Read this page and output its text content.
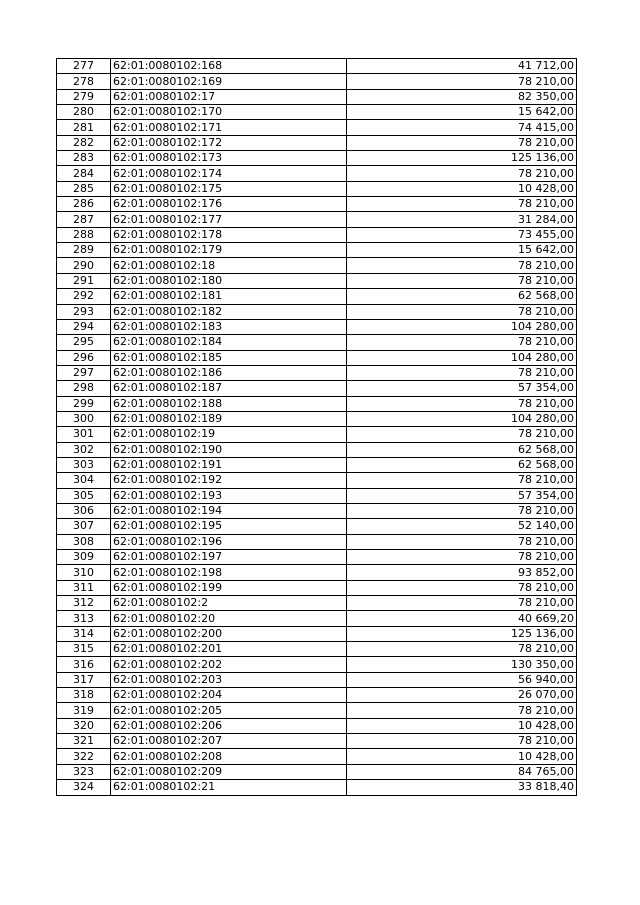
277	62:01:0080102:168	41 712,00
278	62:01:0080102:169	78 210,00
279	62:01:0080102:17	82 350,00
280	62:01:0080102:170	15 642,00
281	62:01:0080102:171	74 415,00
282	62:01:0080102:172	78 210,00
283	62:01:0080102:173	125 136,00
284	62:01:0080102:174	78 210,00
285	62:01:0080102:175	10 428,00
286	62:01:0080102:176	78 210,00
287	62:01:0080102:177	31 284,00
288	62:01:0080102:178	73 455,00
289	62:01:0080102:179	15 642,00
290	62:01:0080102:18	78 210,00
291	62:01:0080102:180	78 210,00
292	62:01:0080102:181	62 568,00
293	62:01:0080102:182	78 210,00
294	62:01:0080102:183	104 280,00
295	62:01:0080102:184	78 210,00
296	62:01:0080102:185	104 280,00
297	62:01:0080102:186	78 210,00
298	62:01:0080102:187	57 354,00
299	62:01:0080102:188	78 210,00
300	62:01:0080102:189	104 280,00
301	62:01:0080102:19	78 210,00
302	62:01:0080102:190	62 568,00
303	62:01:0080102:191	62 568,00
304	62:01:0080102:192	78 210,00
305	62:01:0080102:193	57 354,00
306	62:01:0080102:194	78 210,00
307	62:01:0080102:195	52 140,00
308	62:01:0080102:196	78 210,00
309	62:01:0080102:197	78 210,00
310	62:01:0080102:198	93 852,00
311	62:01:0080102:199	78 210,00
312	62:01:0080102:2	78 210,00
313	62:01:0080102:20	40 669,20
314	62:01:0080102:200	125 136,00
315	62:01:0080102:201	78 210,00
316	62:01:0080102:202	130 350,00
317	62:01:0080102:203	56 940,00
318	62:01:0080102:204	26 070,00
319	62:01:0080102:205	78 210,00
320	62:01:0080102:206	10 428,00
321	62:01:0080102:207	78 210,00
322	62:01:0080102:208	10 428,00
323	62:01:0080102:209	84 765,00
324	62:01:0080102:21	33 818,40
